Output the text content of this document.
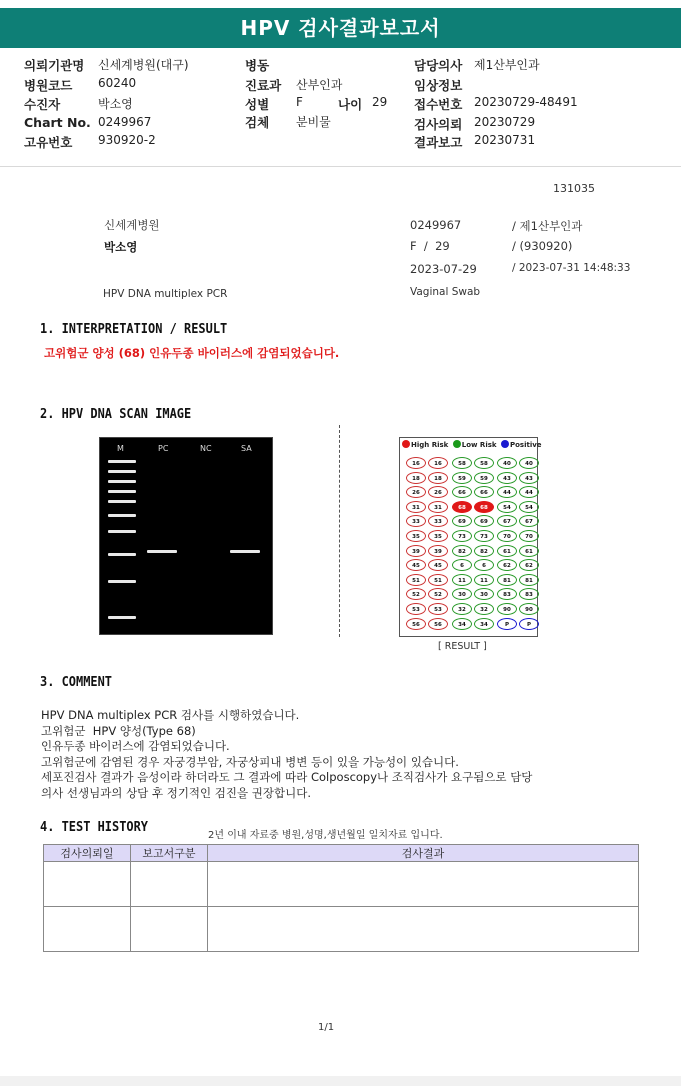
HPV 검사결과보고서
의뢰기관명 신세계병원(대구)
병원코드 60240
수진자	박소영
Chart No. 0249967
고유번호 930920-2
병동
진료과 산부인과
성별 F	나이 29
검체 분비물
담당의사 제1산부인과
임상정보
접수번호 20230729-48491
검사의뢰 20230729
결과보고 20230731
131035
신세계병원
박소영
HPV DNA multiplex PCR
0249967	/ 제1산부인과
F  /  29	/ (930920)
2023-07-29	/ 2023-07-31 14:48:33
Vaginal Swab
1. INTERPRETATION / RESULT
고위험군 양성 (68) 인유두종 바이러스에 감염되었습니다.
2. HPV DNA SCAN IMAGE
M	PC	NC	SA	High Risk Low Risk Positive
16	16	58	58	40	40
18	18	59	59	43	43
26	26	66	66	44	44
31	31	68	68	54	54
33	33	69	69	67	67
35	35	73	73	70	70
39	39	82	82	61	61
45	45	6	6	62	62
51	51	11	11	81	81
52	52	30	30	83	83
53	53	32	32	90	90
56	56	34	34	P	P
[ RESULT ]
3. COMMENT
HPV DNA multiplex PCR 검사를 시행하였습니다.
고위험군  HPV 양성(Type 68)
인유두종 바이러스에 감염되었습니다.
고위험군에 감염된 경우 자궁경부암, 자궁상피내 병변 등이 있을 가능성이 있습니다.
세포진검사 결과가 음성이라 하더라도 그 결과에 따라 Colposcopy나 조직검사가 요구됨으로 담당
의사 선생님과의 상담 후 정기적인 검진을 권장합니다.
4. TEST HISTORY
2년 이내 자료중 병원,성명,생년월일 일치자료 입니다.
검사의뢰일	보고서구분	검사결과

1/1
